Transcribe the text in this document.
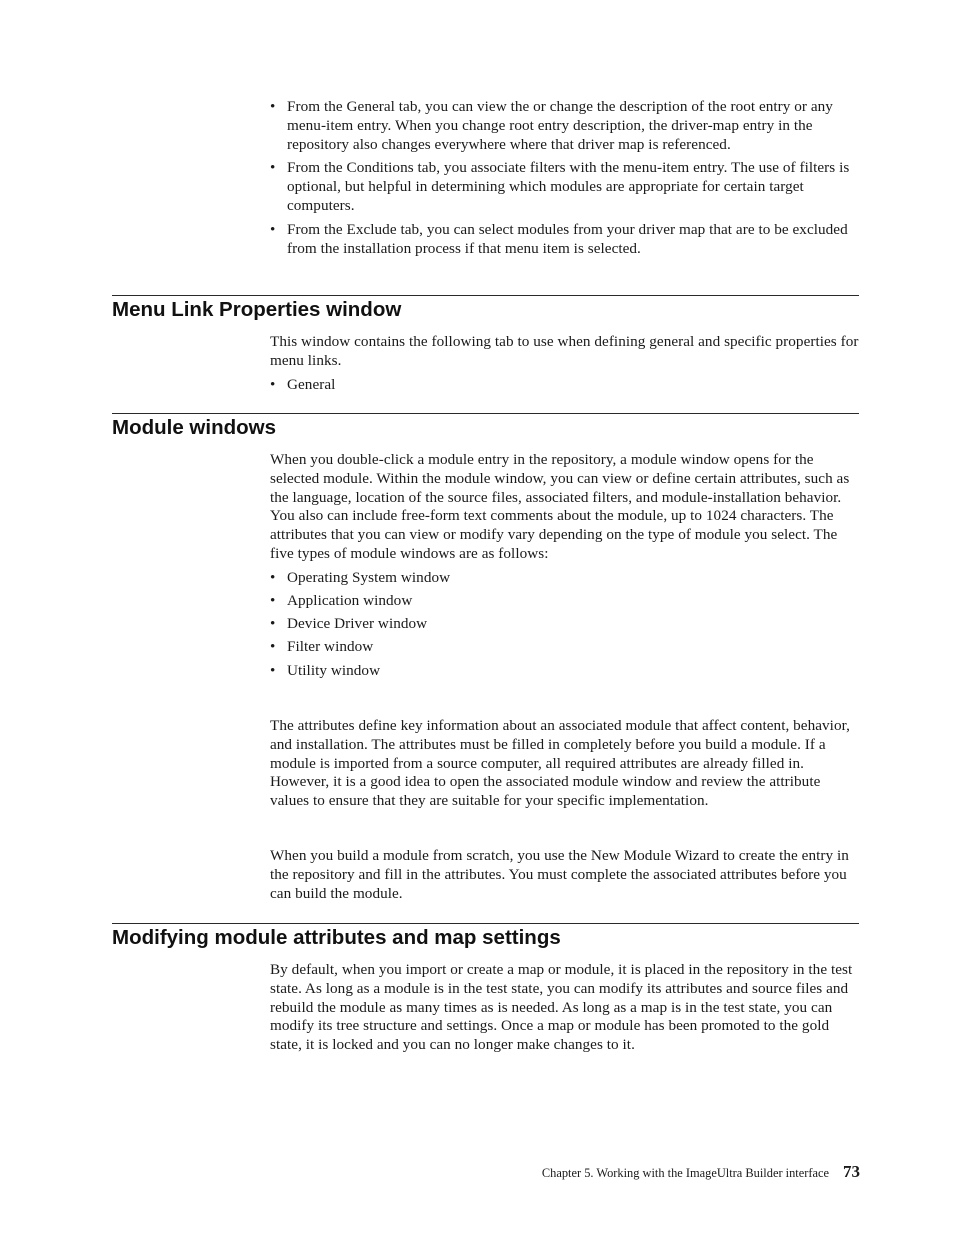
• From the General tab, you can view the or change the description of the root entry or any menu-item entry. When you change root entry description, the driver-map entry in the repository also changes everywhere where that driver map is referenced.
• From the Conditions tab, you associate filters with the menu-item entry. The use of filters is optional, but helpful in determining which modules are appropriate for certain target computers.
• From the Exclude tab, you can select modules from your driver map that are to be excluded from the installation process if that menu item is selected.
Menu Link Properties window

This window contains the following tab to use when defining general and specific properties for menu links.

• General
Module windows

When you double-click a module entry in the repository, a module window opens for the selected module. Within the module window, you can view or define certain attributes, such as the language, location of the source files, associated filters, and module-installation behavior. You also can include free-form text comments about the module, up to 1024 characters. The attributes that you can view or modify vary depending on the type of module you select. The five types of module windows are as follows:

• Operating System window
• Application window
• Device Driver window
• Filter window
• Utility window

The attributes define key information about an associated module that affect content, behavior, and installation. The attributes must be filled in completely before you build a module. If a module is imported from a source computer, all required attributes are already filled in. However, it is a good idea to open the associated module window and review the attribute values to ensure that they are suitable for your specific implementation.

When you build a module from scratch, you use the New Module Wizard to create the entry in the repository and fill in the attributes. You must complete the associated attributes before you can build the module.

Modifying module attributes and map settings

By default, when you import or create a map or module, it is placed in the repository in the test state. As long as a module is in the test state, you can modify its attributes and source files and rebuild the module as many times as is needed. As long as a map is in the test state, you can modify its tree structure and settings. Once a map or module has been promoted to the gold state, it is locked and you can no longer make changes to it.

Chapter 5. Working with the ImageUltra Builder interface 73
